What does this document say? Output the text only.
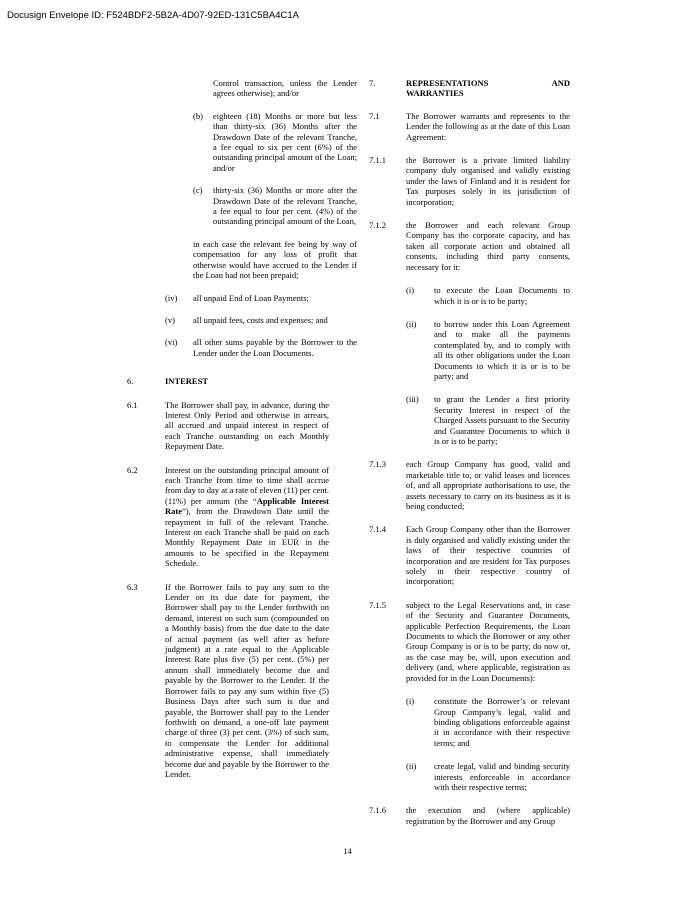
Docusign Envelope ID: F524BDF2-5B2A-4D07-92ED-131C5BA4C1A
Control transaction, unless the Lender agrees otherwise); and/or
(b) eighteen (18) Months or more but less than thirty-six (36) Months after the Drawdown Date of the relevant Tranche, a fee equal to six per cent (6%) of the outstanding principal amount of the Loan; and/or
(c) thirty-six (36) Months or more after the Drawdown Date of the relevant Tranche, a fee equal to four per cent. (4%) of the outstanding principal amount of the Loan,
in each case the relevant fee being by way of compensation for any loss of profit that otherwise would have accrued to the Lender if the Loan had not been prepaid;
(iv) all unpaid End of Loan Payments;
(v) all unpaid fees, costs and expenses; and
(vi) all other sums payable by the Borrower to the Lender under the Loan Documents.
6.	INTEREST
6.1	The Borrower shall pay, in advance, during the Interest Only Period and otherwise in arrears, all accrued and unpaid interest in respect of each Tranche outstanding on each Monthly Repayment Date.
6.2	Interest on the outstanding principal amount of each Tranche from time to time shall accrue from day to day at a rate of eleven (11) per cent. (11%) per annum (the “Applicable Interest Rate”), from the Drawdown Date until the repayment in full of the relevant Tranche. Interest on each Tranche shall be paid on each Monthly Repayment Date in EUR in the amounts to be specified in the Repayment Schedule.
6.3	If the Borrower fails to pay any sum to the Lender on its due date for payment, the Borrower shall pay to the Lender forthwith on demand, interest on such sum (compounded on a Monthly basis) from the due date to the date of actual payment (as well after as before judgment) at a rate equal to the Applicable Interest Rate plus five (5) per cent. (5%) per annum shall immediately become due and payable by the Borrower to the Lender. If the Borrower fails to pay any sum within five (5) Business Days after such sum is due and payable, the Borrower shall pay to the Lender forthwith on demand, a one-off late payment charge of three (3) per cent. (3%) of such sum, to compensate the Lender for additional administrative expense, shall immediately become due and payable by the Borrower to the Lender.
7.	REPRESENTATIONS	AND
WARRANTIES
7.1	The Borrower warrants and represents to the Lender the following as at the date of this Loan Agreement:
7.1.1 the Borrower is a private limited liability company duly organised and validly existing under the laws of Finland and it is resident for Tax purposes solely in its jurisdiction of incorporation;
7.1.2 the Borrower and each relevant Group Company has the corporate capacity, and has taken all corporate action and obtained all consents, including third party consents, necessary for it:
(i) to execute the Loan Documents to which it is or is to be party;
(ii) to borrow under this Loan Agreement and to make all the payments contemplated by, and to comply with all its other obligations under the Loan Documents to which it is or is to be party; and
(iii) to grant the Lender a first priority Security Interest in respect of the Charged Assets pursuant to the Security and Guarantee Documents to which it is or is to be party;
7.1.3 each Group Company has good, valid and marketable title to, or valid leases and licences of, and all appropriate authorisations to use, the assets necessary to carry on its business as it is being conducted;
7.1.4 Each Group Company other than the Borrower is duly organised and validly existing under the laws of their respective countries of incorporation and are resident for Tax purposes solely in their respective country of incorporation;
7.1.5 subject to the Legal Reservations and, in case of the Security and Guarantee Documents, applicable Perfection Requirements, the Loan Documents to which the Borrower or any other Group Company is or is to be party, do now or, as the case may be, will, upon execution and delivery (and, where applicable, registration as provided for in the Loan Documents):
(i) constitute the Borrower’s or relevant Group Company’s legal, valid and binding obligations enforceable against it in accordance with their respective terms; and
(ii) create legal, valid and binding security interests enforceable in accordance with their respective terms;
7.1.6 the execution and (where applicable) registration by the Borrower and any Group
14
